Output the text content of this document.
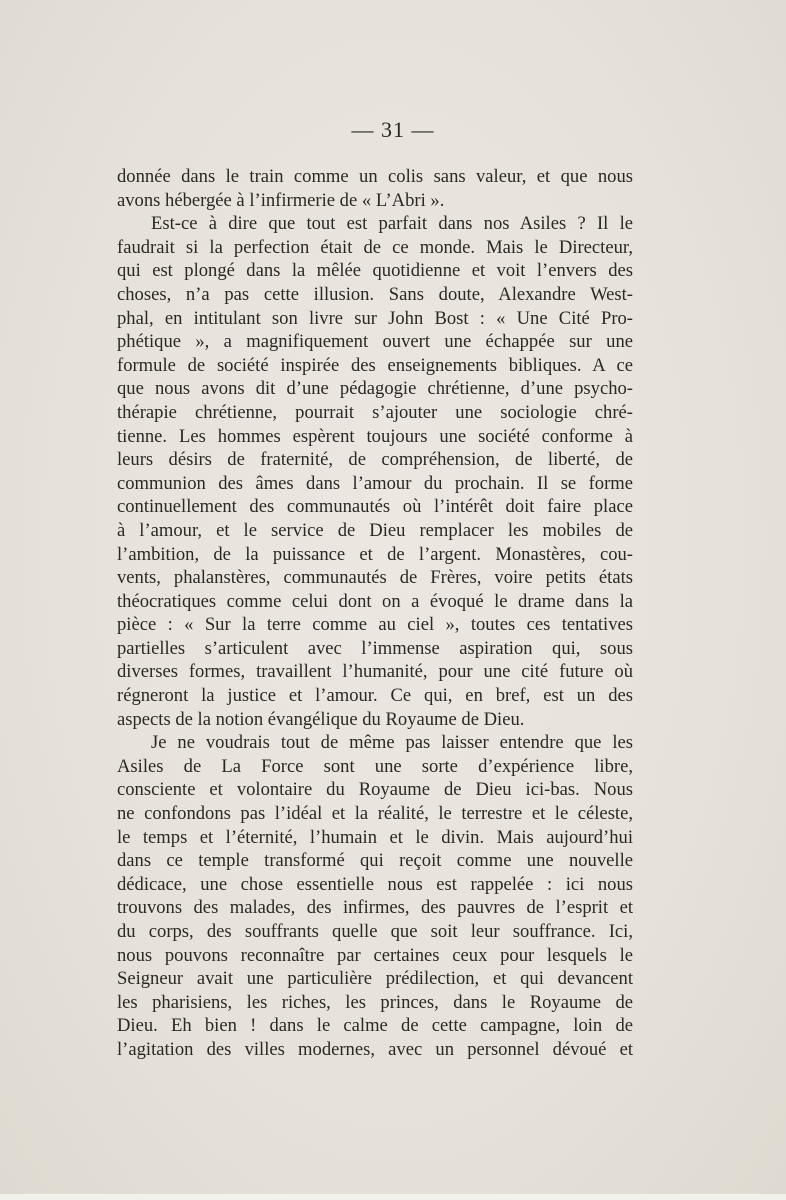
— 31 —
donnée dans le train comme un colis sans valeur, et que nous
avons hébergée à l’infirmerie de « L’Abri ».
Est-ce à dire que tout est parfait dans nos Asiles ? Il le
faudrait si la perfection était de ce monde. Mais le Directeur,
qui est plongé dans la mêlée quotidienne et voit l’envers des
choses, n’a pas cette illusion. Sans doute, Alexandre West-
phal, en intitulant son livre sur John Bost : « Une Cité Pro-
phétique », a magnifiquement ouvert une échappée sur une
formule de société inspirée des enseignements bibliques. A ce
que nous avons dit d’une pédagogie chrétienne, d’une psycho-
thérapie chrétienne, pourrait s’ajouter une sociologie chré-
tienne. Les hommes espèrent toujours une société conforme à
leurs désirs de fraternité, de compréhension, de liberté, de
communion des âmes dans l’amour du prochain. Il se forme
continuellement des communautés où l’intérêt doit faire place
à l’amour, et le service de Dieu remplacer les mobiles de
l’ambition, de la puissance et de l’argent. Monastères, cou-
vents, phalanstères, communautés de Frères, voire petits états
théocratiques comme celui dont on a évoqué le drame dans la
pièce : « Sur la terre comme au ciel », toutes ces tentatives
partielles s’articulent avec l’immense aspiration qui, sous
diverses formes, travaillent l’humanité, pour une cité future où
régneront la justice et l’amour. Ce qui, en bref, est un des
aspects de la notion évangélique du Royaume de Dieu.
Je ne voudrais tout de même pas laisser entendre que les
Asiles de La Force sont une sorte d’expérience libre,
consciente et volontaire du Royaume de Dieu ici-bas. Nous
ne confondons pas l’idéal et la réalité, le terrestre et le céleste,
le temps et l’éternité, l’humain et le divin. Mais aujourd’hui
dans ce temple transformé qui reçoit comme une nouvelle
dédicace, une chose essentielle nous est rappelée : ici nous
trouvons des malades, des infirmes, des pauvres de l’esprit et
du corps, des souffrants quelle que soit leur souffrance. Ici,
nous pouvons reconnaître par certaines ceux pour lesquels le
Seigneur avait une particulière prédilection, et qui devancent
les pharisiens, les riches, les princes, dans le Royaume de
Dieu. Eh bien ! dans le calme de cette campagne, loin de
l’agitation des villes modernes, avec un personnel dévoué et
